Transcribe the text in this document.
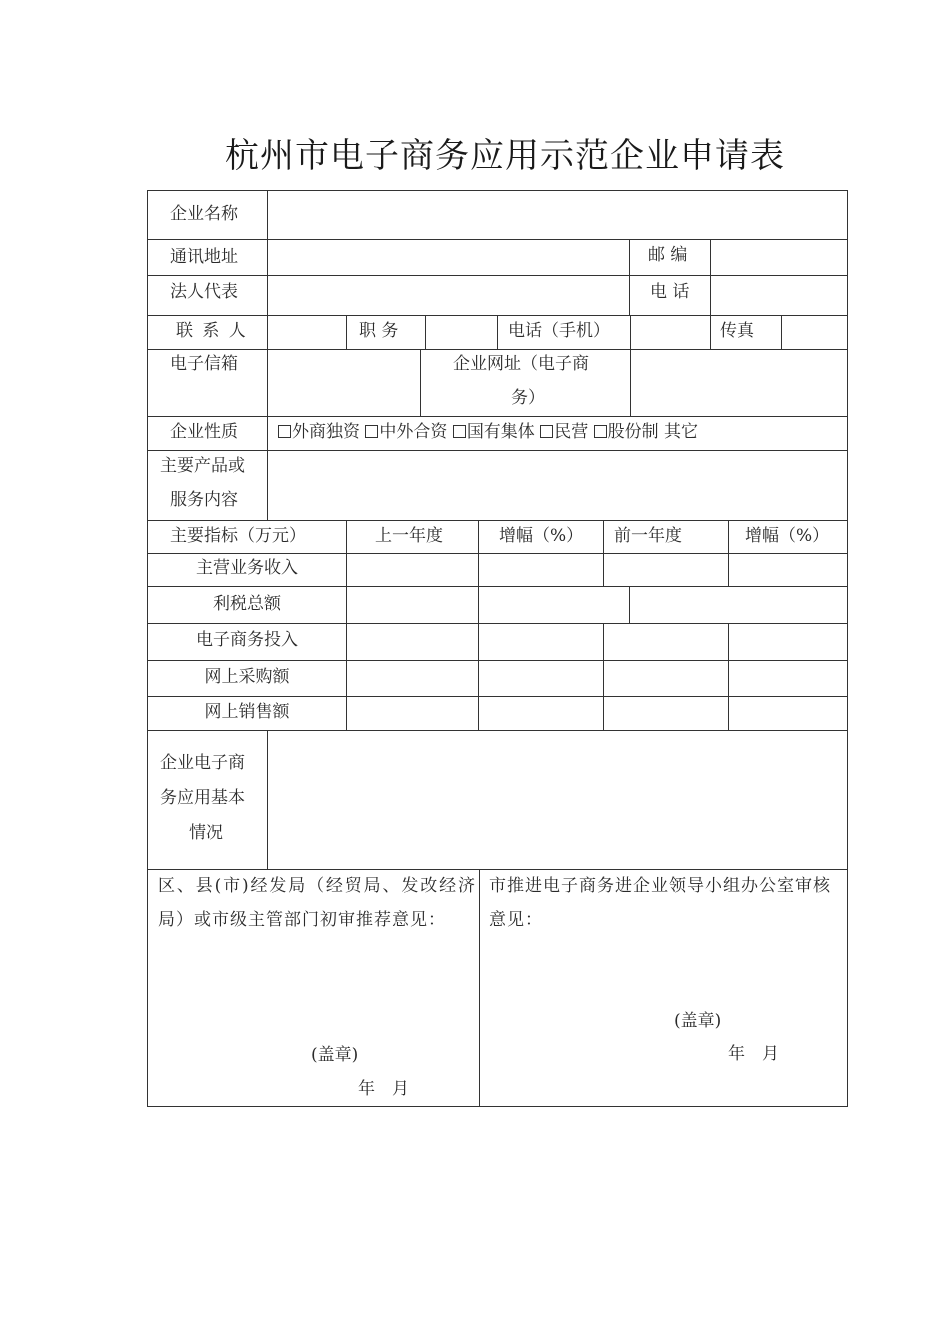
杭州市电子商务应用示范企业申请表
企业名称
通讯地址	邮 编
法人代表	电 话
联 系 人	职 务	电话（手机）	传真
电子信箱	企业网址（电子商
务）
企业性质	外商独资 中外合资 国有集体 民营 股份制 其它
主要产品或
服务内容
主要指标（万元）	上一年度	增幅（%） 前一年度	增幅（%）
主营业务收入
利税总额
电子商务投入
网上采购额
网上销售额
企业电子商
务应用基本
情况
区、县(市)经发局（经贸局、发改经济局）或市级主管部门初审推荐意见：
(盖章)
年　月
市推进电子商务进企业领导小组办公室审核意见：
(盖章)
年　月
